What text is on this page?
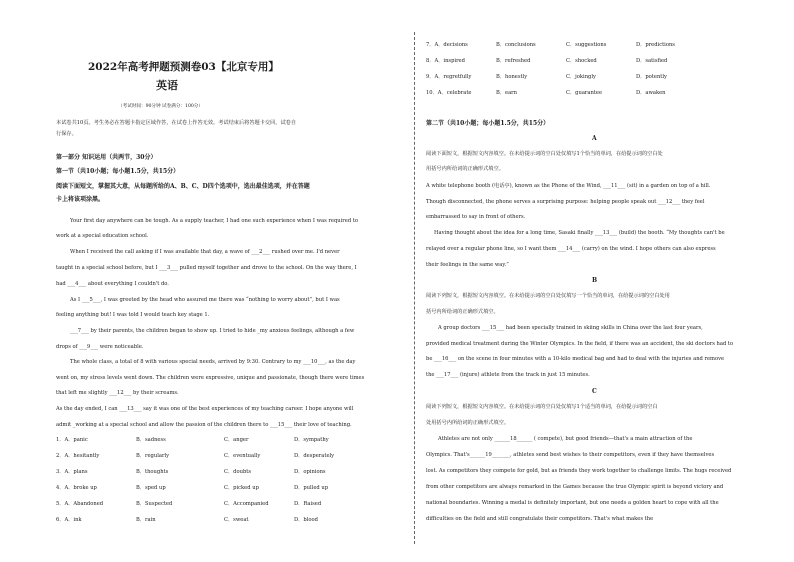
2022年高考押题预测卷03【北京专用】
英语
（考试时间：90分钟 试卷满分：100分）
本试卷共10页。考生务必在答题卡指定区域作答，在试卷上作答无效。考试结束后将答题卡交回，试卷自
行保存。
第一部分 知识运用（共两节，30分）
第一节（共10小题；每小题1.5分，共15分）
阅读下面短文，掌握其大意，从每题所给的A、B、C、D四个选项中，选出最佳选项，并在答题
卡上将该项涂黑。
Your first day anywhere can be tough. As a supply teacher, I had one such experience when I was required to
work at a special education school.
When I received the call asking if I was available that day, a wave of ___2___ rushed over me. I'd never
taught in a special school before, but I ___3___ pulled myself together and drove to the school. On the way there, I
had ___4___ about everything I couldn't do.
As I ___5___, I was greeted by the head who assured me there was “nothing to worry about”, but I was
feeling anything but! I was told I would teach key stage 1.
___7___ by their parents, the children began to show up. I tried to hide _my anxious feelings, although a few
drops of ___9___ were noticeable.
The whole class, a total of 8 with various special needs, arrived by 9:30. Contrary to my ___10___, as the day
went on, my stress levels went down. The children were expressive, unique and passionate, though there were times
that left me slightly ___12___ by their screams.
As the day ended, I can ___13___ say it was one of the best experiences of my teaching career. I hope anyone will
admit _working at a special school and allow the passion of the children there to ___15___ their love of teaching.
1．A．panic	B．sadness	C．anger	D．sympathy
2．A．hesitantly	B．regularly	C．eventually	D．desperately
3．A．plans	B．thoughts	C．doubts	D．opinions
4．A．broke up	B．sped up	C．picked up	D．pulled up
5．A．Abandoned	B．Suspected	C．Accompanied	D．Raised
6．A．ink	B．rain	C．sweat	D．blood
7．A．decisions	B．conclusions	C．suggestions	D．predictions
8．A．inspired	B．refreshed	C．shocked	D．satisfied
9．A．regretfully	B．honestly	C．jokingly	D．potently
10．A．celebrate	B．earn	C．guarantee	D．awaken
第二节（共10小题；每小题1.5分，共15分）
A
阅读下面短文，根据短文内容填空。在未给提示词的空白处仅填写1个恰当的单词，在给提示词的空白处
用括号内所给词的正确形式填空。
A white telephone booth (电话亭), known as the Phone of the Wind, ___11___ (sit) in a garden on top of a hill.
Though disconnected, the phone serves a surprising purpose: helping people speak out ___12___ they feel
embarrassed to say in front of others.
Having thought about the idea for a long time, Sasaki finally ___13___ (build) the booth. “My thoughts can't be
relayed over a regular phone line, so I want them ___14___ (carry) on the wind. I hope others can also express
their feelings in the same way.”
B
阅读下列短文，根据短文内容填空。在未给提示词的空白处仅填写一个恰当的单词，在给提示词的空白处用
括号内所给词的正确形式填空。
A group doctors ___15___ had been specially trained in skiing skills in China over the last four years,
provided medical treatment during the Winter Olympics. In the field, if there was an accident, the ski doctors had to
be ___16___ on the scene in four minutes with a 10-kilo medical bag and had to deal with the injuries and remove
the ___17___ (injure) athlete from the track in just 15 minutes.
C
阅读下列短文，根据短文内容填空。在未给提示词的空白处仅填写1个适当的单词，在给提示词的空白
处用括号内所给词的正确形式填空。
Athletes are not only ______18______ ( compete), but good friends—that's a main attraction of the
Olympics. That's______19_______, athletes send best wishes to their competitors, even if they have themselves
lost. As competitors they compete for gold, but as friends they work together to challenge limits. The hugs received
from other competitors are always remarked in the Games because the true Olympic spirit is beyond victory and
national boundaries. Winning a medal is definitely important, but one needs a golden heart to cope with all the
difficulties on the field and still congratulate their competitors. That's what makes the
